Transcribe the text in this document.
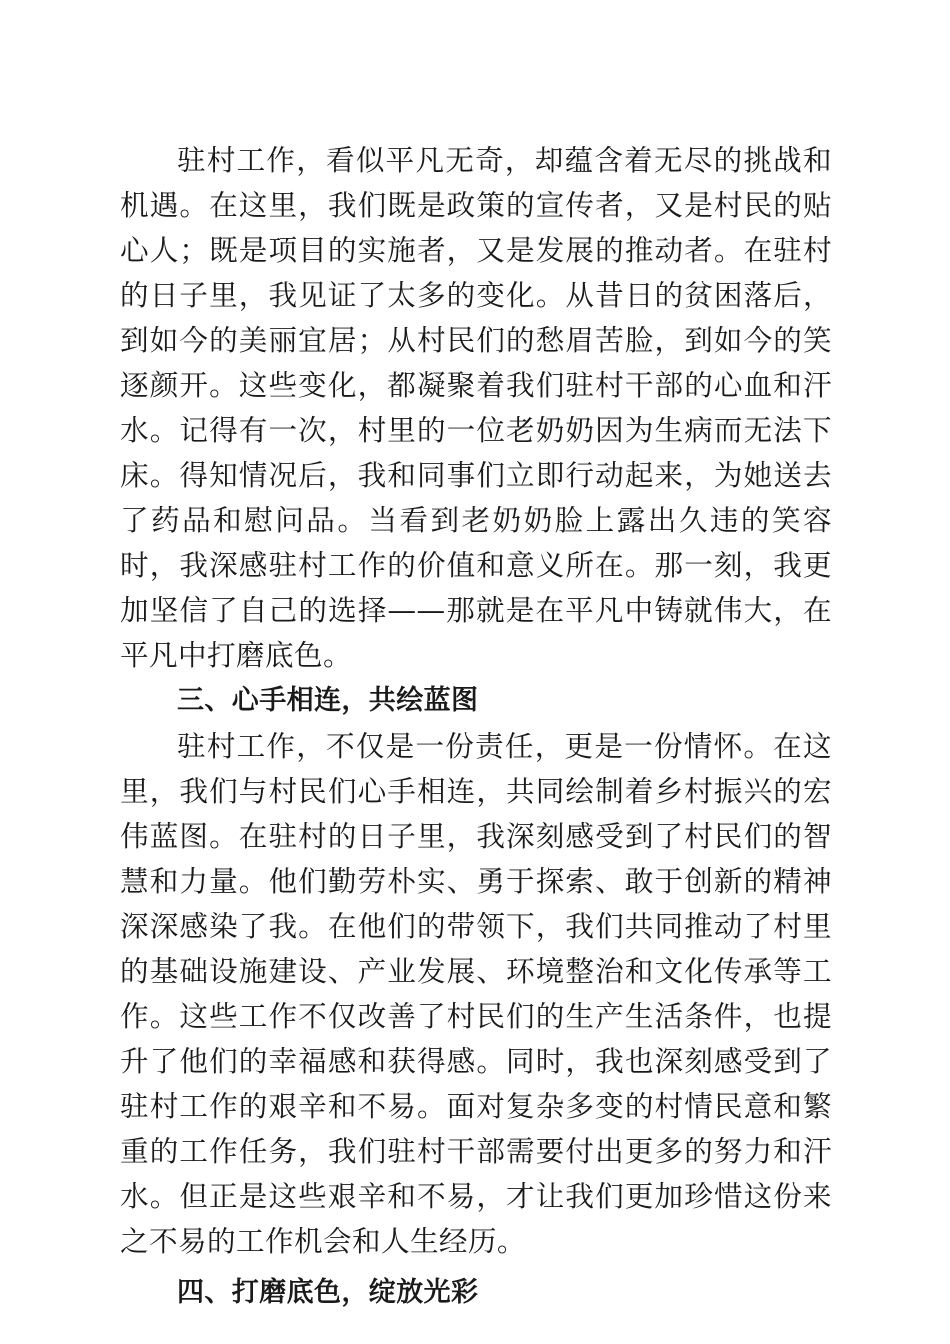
驻村工作，看似平凡无奇，却蕴含着无尽的挑战和机遇。在这里，我们既是政策的宣传者，又是村民的贴心人；既是项目的实施者，又是发展的推动者。在驻村的日子里，我见证了太多的变化。从昔日的贫困落后，到如今的美丽宜居；从村民们的愁眉苦脸，到如今的笑逐颜开。这些变化，都凝聚着我们驻村干部的心血和汗水。记得有一次，村里的一位老奶奶因为生病而无法下床。得知情况后，我和同事们立即行动起来，为她送去了药品和慰问品。当看到老奶奶脸上露出久违的笑容时，我深感驻村工作的价值和意义所在。那一刻，我更加坚信了自己的选择——那就是在平凡中铸就伟大，在平凡中打磨底色。

三、心手相连，共绘蓝图

驻村工作，不仅是一份责任，更是一份情怀。在这里，我们与村民们心手相连，共同绘制着乡村振兴的宏伟蓝图。在驻村的日子里，我深刻感受到了村民们的智慧和力量。他们勤劳朴实、勇于探索、敢于创新的精神深深感染了我。在他们的带领下，我们共同推动了村里的基础设施建设、产业发展、环境整治和文化传承等工作。这些工作不仅改善了村民们的生产生活条件，也提升了他们的幸福感和获得感。同时，我也深刻感受到了驻村工作的艰辛和不易。面对复杂多变的村情民意和繁重的工作任务，我们驻村干部需要付出更多的努力和汗水。但正是这些艰辛和不易，才让我们更加珍惜这份来之不易的工作机会和人生经历。

四、打磨底色，绽放光彩
